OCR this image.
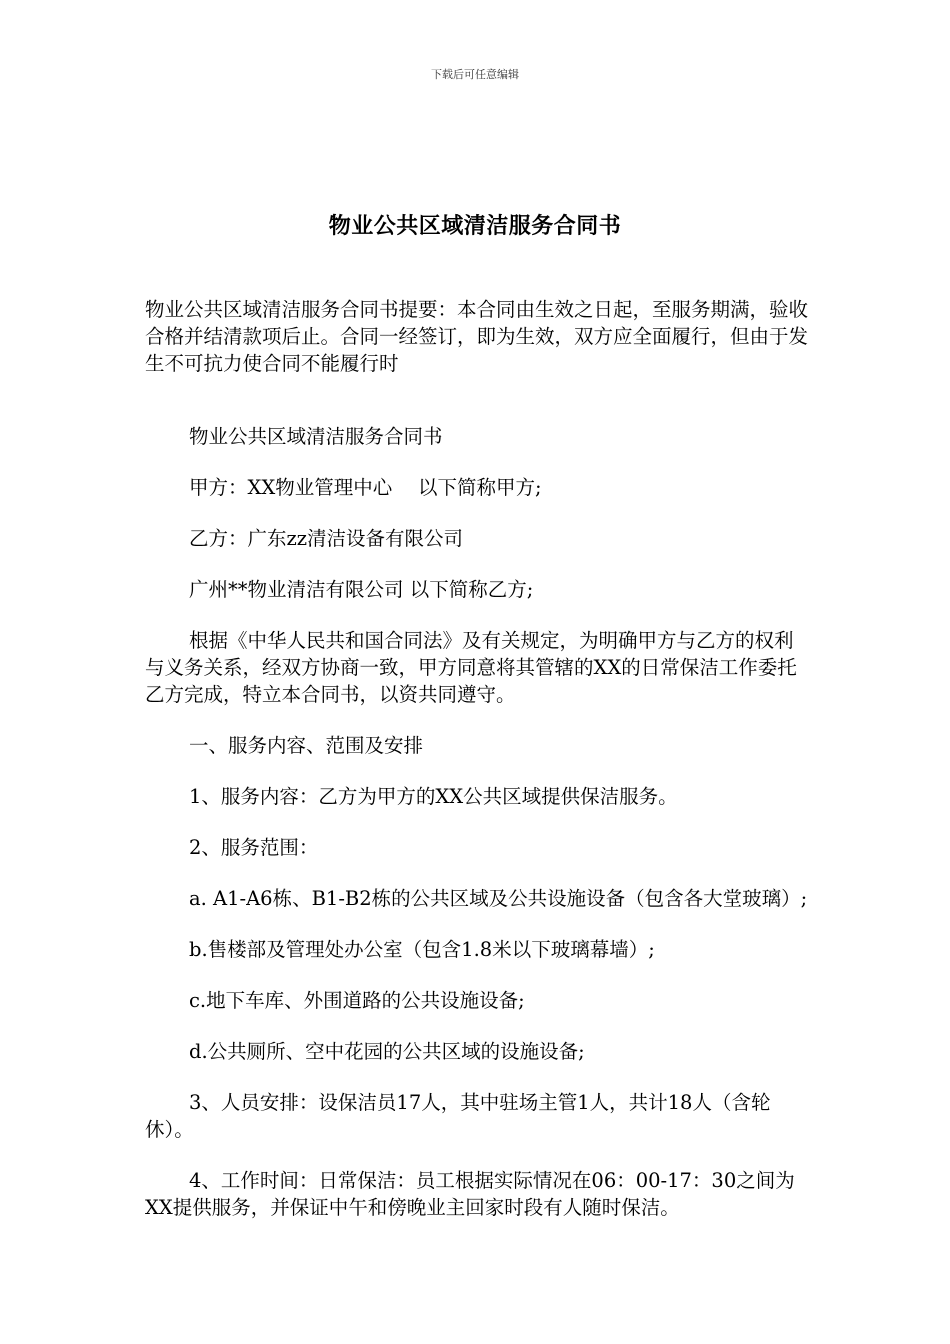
下载后可任意编辑
物业公共区域清洁服务合同书

物业公共区域清洁服务合同书提要：本合同由生效之日起，至服务期满，验收合格并结清款项后止。合同一经签订，即为生效，双方应全面履行，但由于发生不可抗力使合同不能履行时

物业公共区域清洁服务合同书

甲方：XX物业管理中心　 以下简称甲方;

乙方：广东zz清洁设备有限公司

广州**物业清洁有限公司 以下简称乙方;

根据《中华人民共和国合同法》及有关规定，为明确甲方与乙方的权利与义务关系，经双方协商一致，甲方同意将其管辖的XX的日常保洁工作委托乙方完成，特立本合同书，以资共同遵守。

一、服务内容、范围及安排

1、服务内容：乙方为甲方的XX公共区域提供保洁服务。

2、服务范围：

a. A1-A6栋、B1-B2栋的公共区域及公共设施设备（包含各大堂玻璃）;

b.售楼部及管理处办公室（包含1.8米以下玻璃幕墙）;

c.地下车库、外围道路的公共设施设备;

d.公共厕所、空中花园的公共区域的设施设备;

3、人员安排：设保洁员17人，其中驻场主管1人，共计18人（含轮休）。

4、工作时间：日常保洁：员工根据实际情况在06：00-17：30之间为XX提供服务，并保证中午和傍晚业主回家时段有人随时保洁。
